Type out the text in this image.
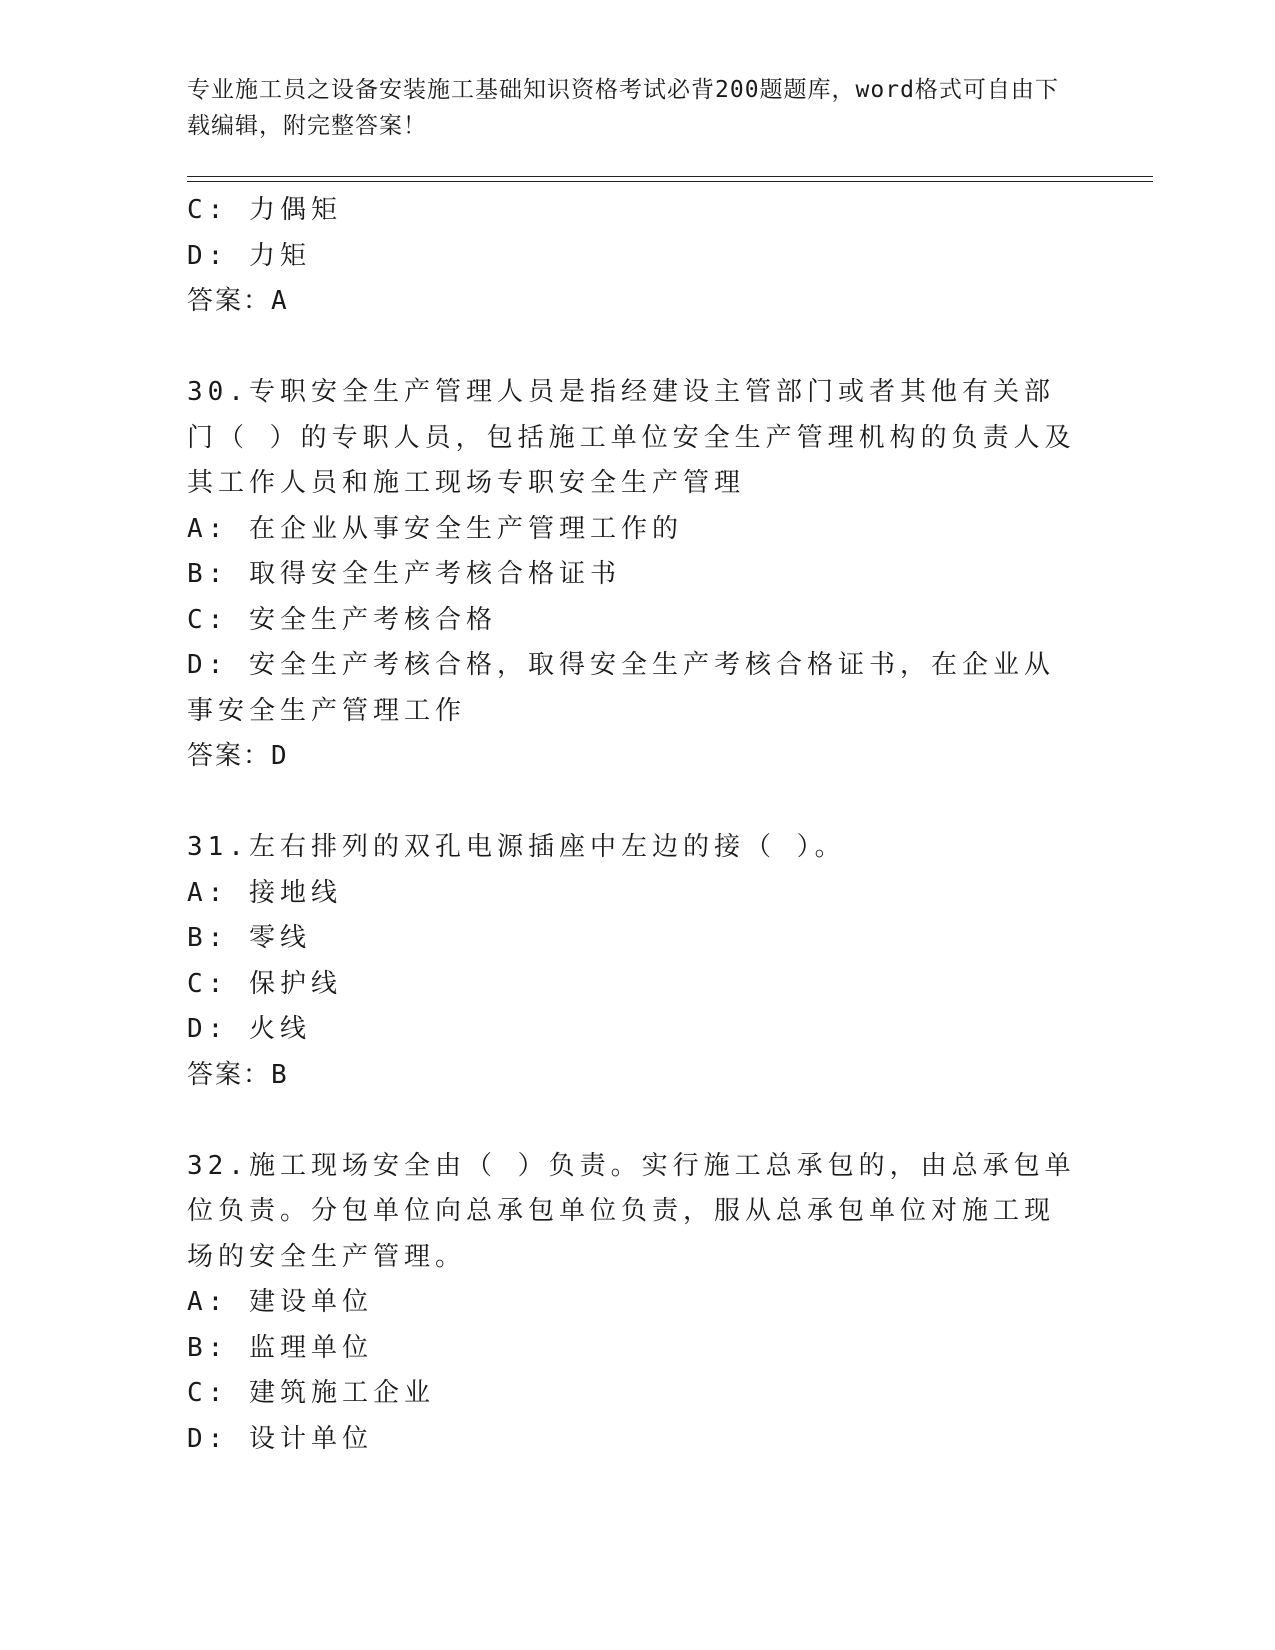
专业施工员之设备安装施工基础知识资格考试必背200题题库，word格式可自由下载编辑，附完整答案！

C: 力偶矩

D: 力矩

答案：A

30.专职安全生产管理人员是指经建设主管部门或者其他有关部门（ ）的专职人员，包括施工单位安全生产管理机构的负责人及其工作人员和施工现场专职安全生产管理

A: 在企业从事安全生产管理工作的

B: 取得安全生产考核合格证书

C: 安全生产考核合格

D: 安全生产考核合格，取得安全生产考核合格证书，在企业从事安全生产管理工作

答案：D

31.左右排列的双孔电源插座中左边的接（ ）。

A: 接地线

B: 零线

C: 保护线

D: 火线

答案：B

32.施工现场安全由（ ）负责。实行施工总承包的，由总承包单位负责。分包单位向总承包单位负责，服从总承包单位对施工现场的安全生产管理。

A: 建设单位

B: 监理单位

C: 建筑施工企业

D: 设计单位
